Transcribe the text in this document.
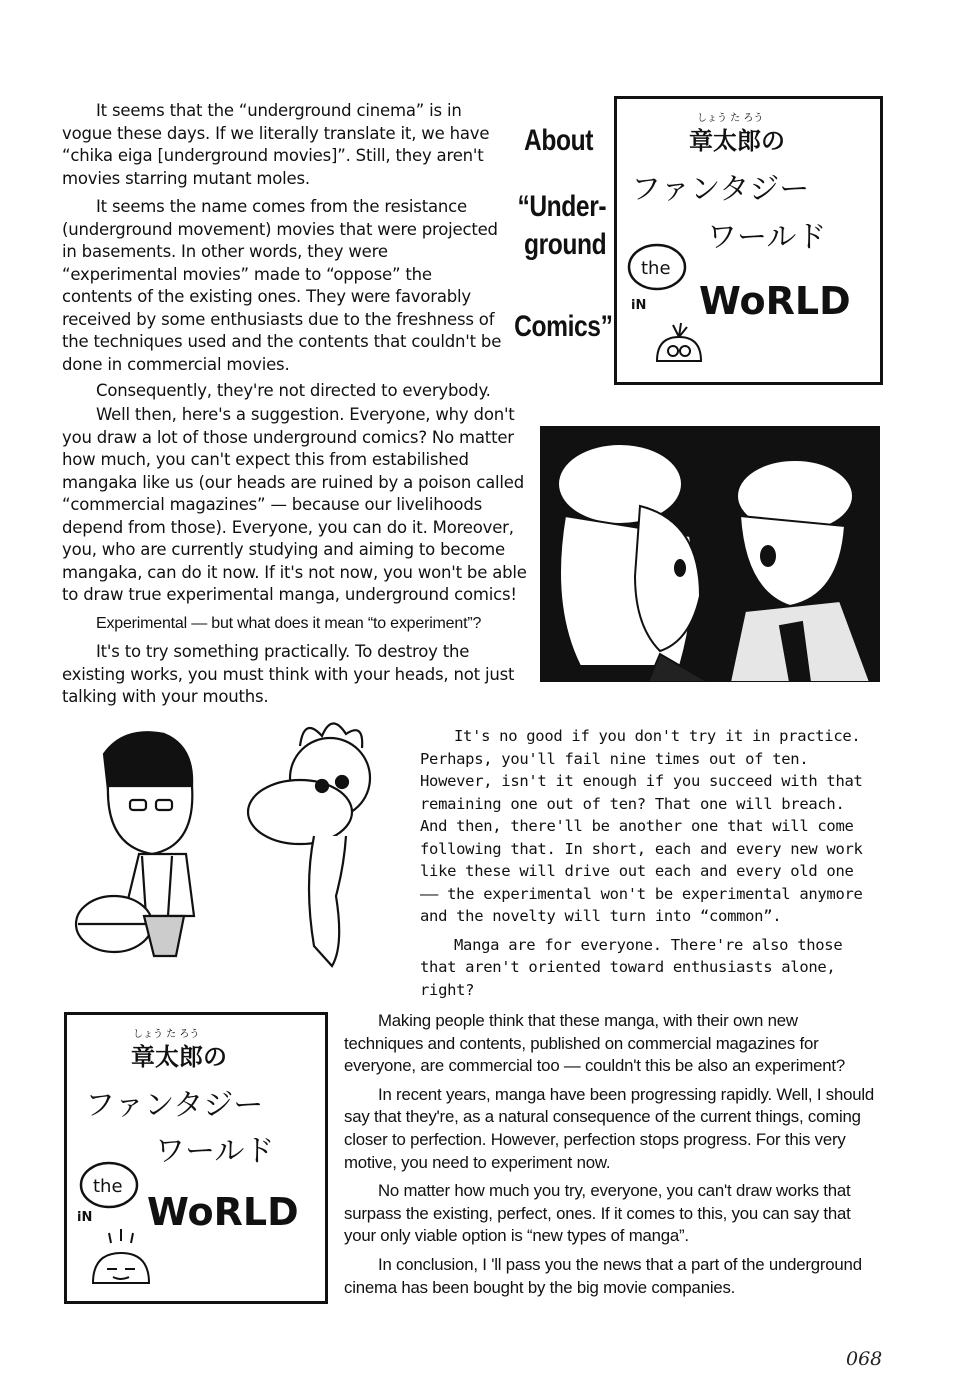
It seems that the “underground cinema” is in vogue these days. If we literally translate it, we have “chika eiga [underground movies]”. Still, they aren't movies starring mutant moles.

It seems the name comes from the resistance (underground movement) movies that were projected in basements. In other words, they were “experimental movies” made to “oppose” the contents of the existing ones. They were favorably received by some enthusiasts due to the freshness of the techniques used and the contents that couldn't be done in commercial movies.

Consequently, they're not directed to everybody.

About
“Under-
ground
Comics”
しょう た ろう
章太郎の
ファンタジー
ワールド
the
iN WoRLD

Well then, here's a suggestion. Everyone, why don't you draw a lot of those underground comics? No matter how much, you can't expect this from estabilished mangaka like us (our heads are ruined by a poison called “commercial magazines” — because our livelihoods depend from those). Everyone, you can do it. Moreover, you, who are currently studying and aiming to become mangaka, can do it now. If it's not now, you won't be able to draw true experimental manga, underground comics!

Experimental — but what does it mean “to experiment”?

It's to try something practically. To destroy the existing works, you must think with your heads, not just talking with your mouths.

It's no good if you don't try it in practice. Perhaps, you'll fail nine times out of ten. However, isn't it enough if you succeed with that remaining one out of ten? That one will breach. And then, there'll be another one that will come following that. In short, each and every new work like these will drive out each and every old one —— the experimental won't be experimental anymore and the novelty will turn into “common”.

Manga are for everyone. There're also those that aren't oriented toward enthusiasts alone, right?

しょう た ろう
章太郎の
ファンタジー
ワールド
the
iN WoRLD

Making people think that these manga, with their own new techniques and contents, published on commercial magazines for everyone, are commercial too — couldn't this be also an experiment?

In recent years, manga have been progressing rapidly. Well, I should say that they're, as a natural consequence of the current things, coming closer to perfection. However, perfection stops progress. For this very motive, you need to experiment now.

No matter how much you try, everyone, you can't draw works that surpass the existing, perfect, ones. If it comes to this, you can say that your only viable option is “new types of manga”.

In conclusion, I 'll pass you the news that a part of the underground cinema has been bought by the big movie companies.

068
